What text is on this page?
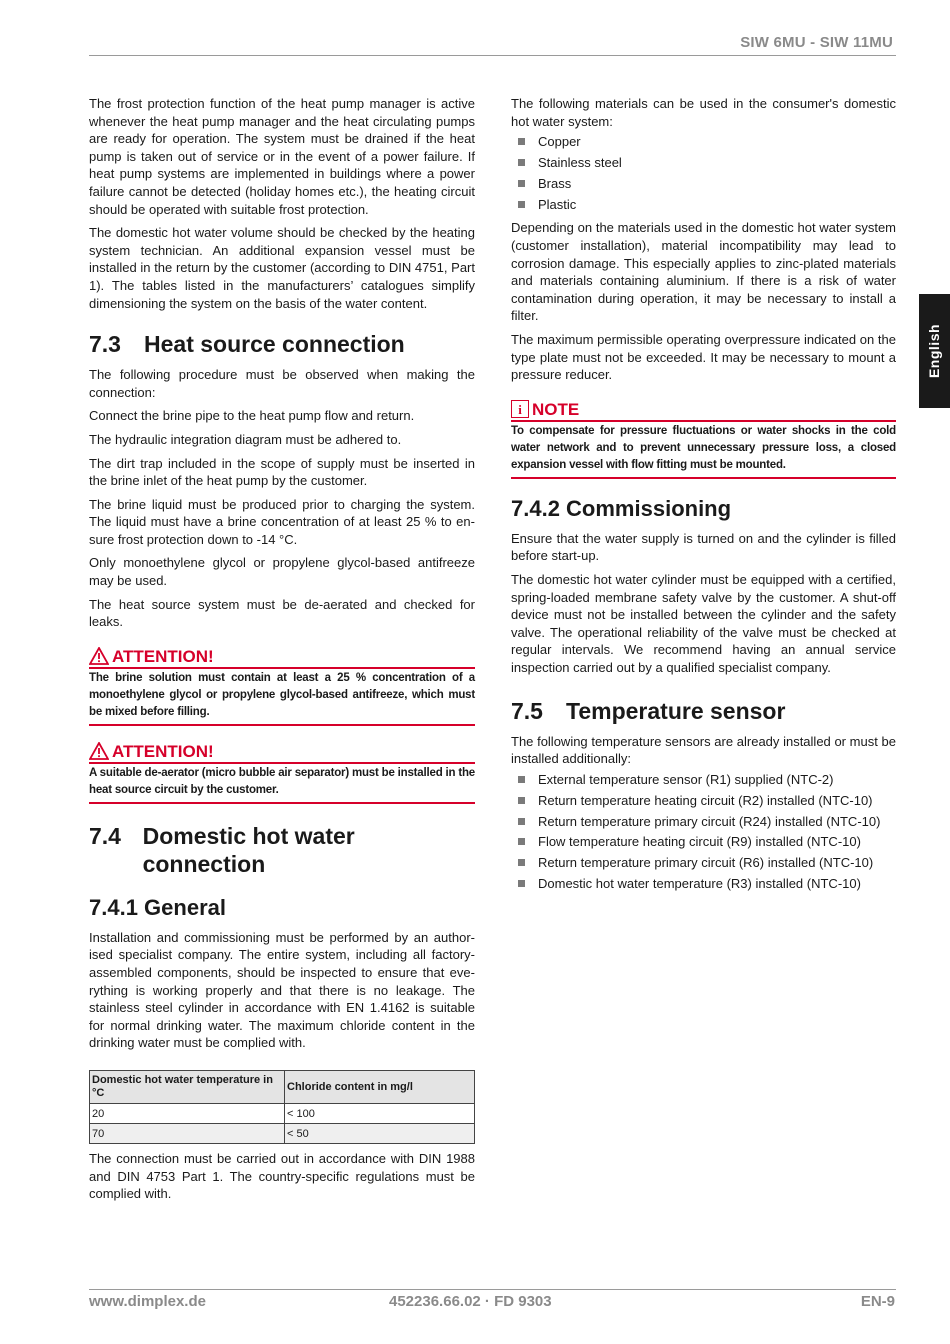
SIW 6MU - SIW 11MU
English

The frost protection function of the heat pump manager is active whenever the heat pump manager and the heat circulating pumps are ready for operation. The system must be drained if the heat pump is taken out of service or in the event of a power failure. If heat pump systems are implemented in buildings where a power failure cannot be detected (holiday homes etc.), the heating circuit should be operated with suitable frost protection.

The domestic hot water volume should be checked by the heating system technician. An additional expansion vessel must be installed in the return by the customer (according to DIN 4751, Part 1). The tables listed in the manufacturers’ catalogues simplify dimensioning the system on the basis of the water content.

7.3	Heat source connection

The following procedure must be observed when making the connection:

Connect the brine pipe to the heat pump flow and return.

The hydraulic integration diagram must be adhered to.

The dirt trap included in the scope of supply must be inserted in the brine inlet of the heat pump by the customer.

The brine liquid must be produced prior to charging the system. The liquid must have a brine concentration of at least 25 % to ensure frost protection down to -14 °C.

Only monoethylene glycol or propylene glycol-based antifreeze may be used.

The heat source system must be de-aerated and checked for leaks.

ATTENTION!
The brine solution must contain at least a 25 % concentration of a monoethylene glycol or propylene glycol-based antifreeze, which must be mixed before filling.
ATTENTION!
A suitable de-aerator (micro bubble air separator) must be installed in the heat source circuit by the customer.
7.4 Domestic hot water connection
7.4.1 General

Installation and commissioning must be performed by an authorised specialist company. The entire system, including all factory-assembled components, should be inspected to ensure that everything is working properly and that there is no leakage. The stainless steel cylinder in accordance with EN 1.4162 is suitable for normal drinking water. The maximum chloride content in the drinking water must be complied with.

Domestic hot water temperature in °C	Chloride content in mg/l
20	< 100
70	< 50

The connection must be carried out in accordance with DIN 1988 and DIN 4753 Part 1. The country-specific regulations must be complied with.

The following materials can be used in the consumer's domestic hot water system:

Copper
Stainless steel
Brass
Plastic

Depending on the materials used in the domestic hot water system (customer installation), material incompatibility may lead to corrosion damage. This especially applies to zinc-plated materials and materials containing aluminium. If there is a risk of water contamination during operation, it may be necessary to install a filter.

The maximum permissible operating overpressure indicated on the type plate must not be exceeded. It may be necessary to mount a pressure reducer.

i NOTE
To compensate for pressure fluctuations or water shocks in the cold water network and to prevent unnecessary pressure loss, a closed expansion vessel with flow fitting must be mounted.
7.4.2 Commissioning

Ensure that the water supply is turned on and the cylinder is filled before start-up.

The domestic hot water cylinder must be equipped with a certified, spring-loaded membrane safety valve by the customer. A shut-off device must not be installed between the cylinder and the safety valve. The operational reliability of the valve must be checked at regular intervals. We recommend having an annual service inspection carried out by a qualified specialist company.

7.5	Temperature sensor

The following temperature sensors are already installed or must be installed additionally:

External temperature sensor (R1) supplied (NTC-2)
Return temperature heating circuit (R2) installed (NTC-10)
Return temperature primary circuit (R24) installed (NTC-10)
Flow temperature heating circuit (R9) installed (NTC-10)
Return temperature primary circuit (R6) installed (NTC-10)
Domestic hot water temperature (R3) installed (NTC-10)
www.dimplex.de	452236.66.02 · FD 9303	EN-9
